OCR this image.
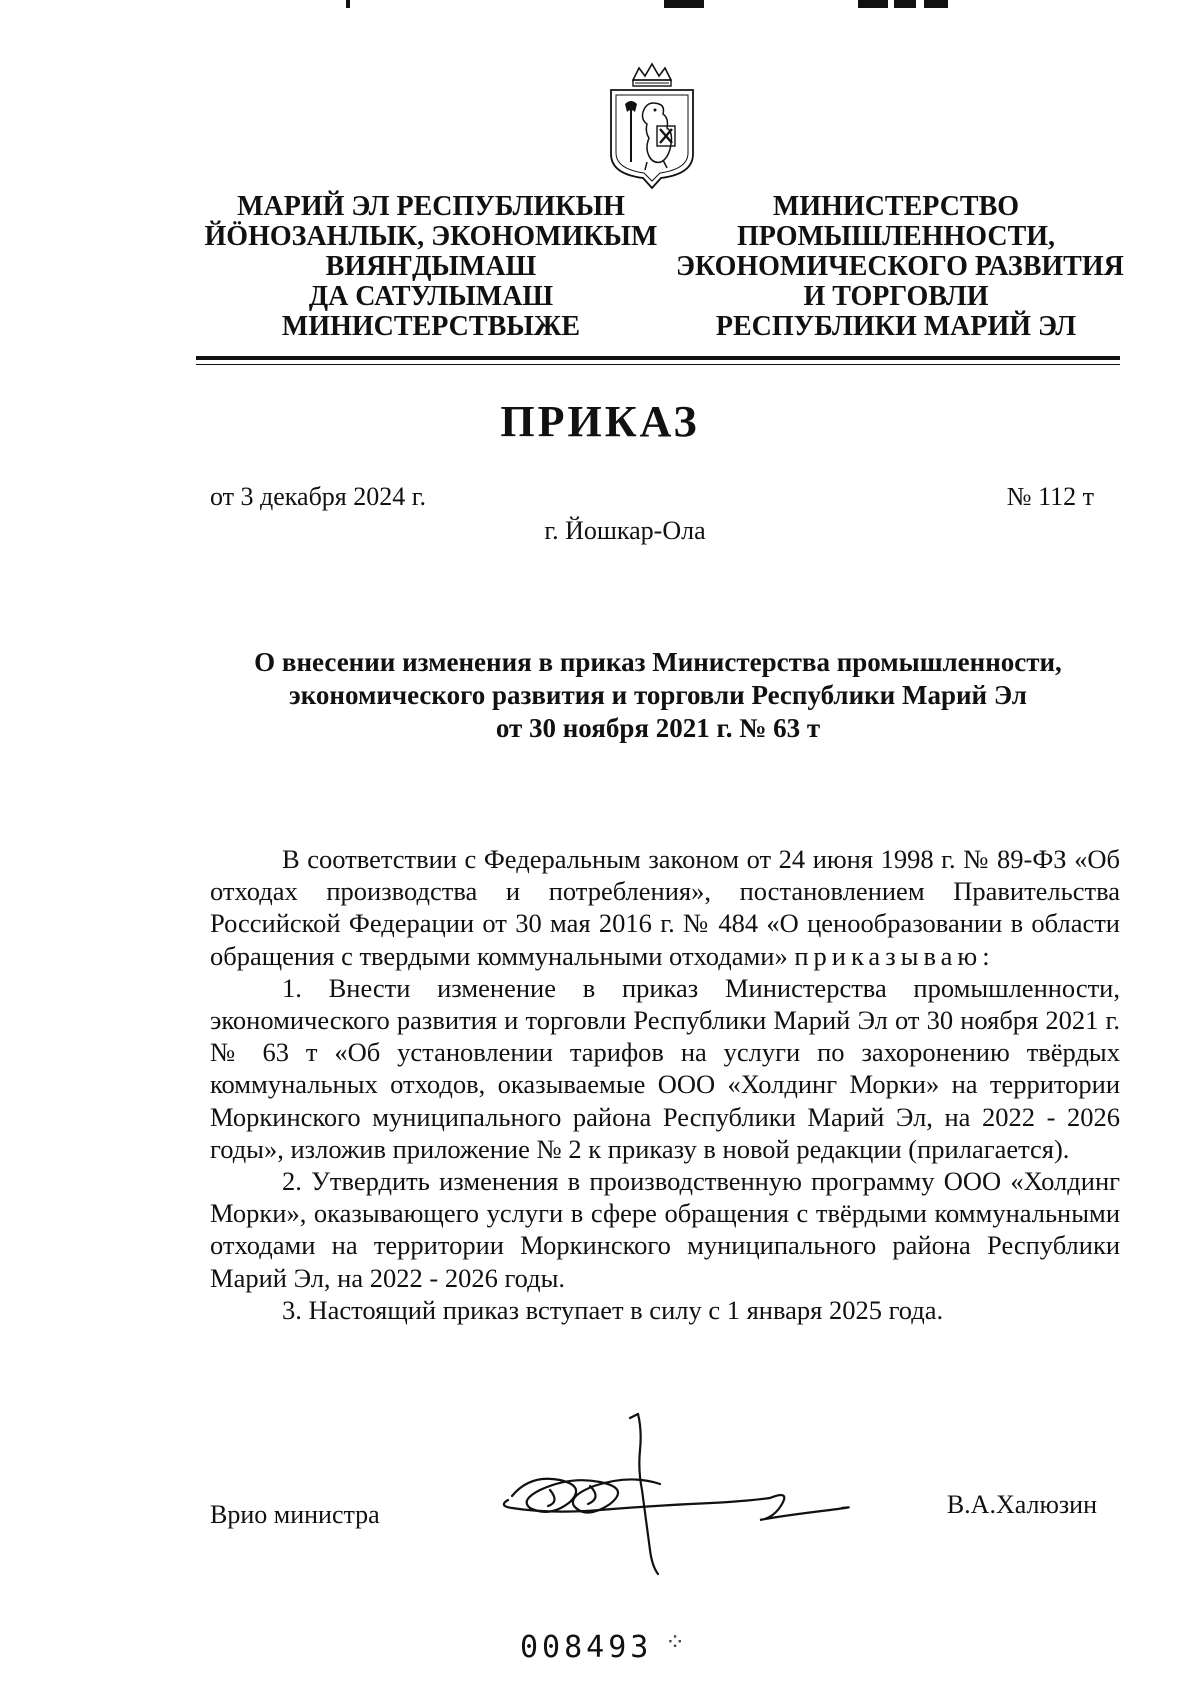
МАРИЙ ЭЛ РЕСПУБЛИКЫН
ЙӦНОЗАНЛЫК, ЭКОНОМИКЫМ
ВИЯҤДЫМАШ
ДА САТУЛЫМАШ
МИНИСТЕРСТВЫЖЕ
МИНИСТЕРСТВО
ПРОМЫШЛЕННОСТИ,
ЭКОНОМИЧЕСКОГО РАЗВИТИЯ
И ТОРГОВЛИ
РЕСПУБЛИКИ МАРИЙ ЭЛ
ПРИКАЗ
от 3 декабря 2024 г.	№ 112 т
г. Йошкар-Ола
О внесении изменения в приказ Министерства промышленности,
экономического развития и торговли Республики Марий Эл
от 30 ноября 2021 г. № 63 т

В соответствии с Федеральным законом от 24 июня 1998 г. № 89-ФЗ «Об отходах производства и потребления», постановлением Правительства Российской Федерации от 30 мая 2016 г. № 484 «О ценообразовании в области обращения с твердыми коммунальными отходами» приказываю:

1. Внести изменение в приказ Министерства промышленности, экономического развития и торговли Республики Марий Эл от 30 ноября 2021 г. № 63 т «Об установлении тарифов на услуги по захоронению твёрдых коммунальных отходов, оказываемые ООО «Холдинг Морки» на территории Моркинского муниципального района Республики Марий Эл, на 2022 - 2026 годы», изложив приложение № 2 к приказу в новой редакции (прилагается).

2. Утвердить изменения в производственную программу ООО «Холдинг Морки», оказывающего услуги в сфере обращения с твёрдыми коммунальными отходами на территории Моркинского муниципального района Республики Марий Эл, на 2022 - 2026 годы.

3. Настоящий приказ вступает в силу с 1 января 2025 года.

Врио министра	В.А.Халюзин
008493 ⁘
